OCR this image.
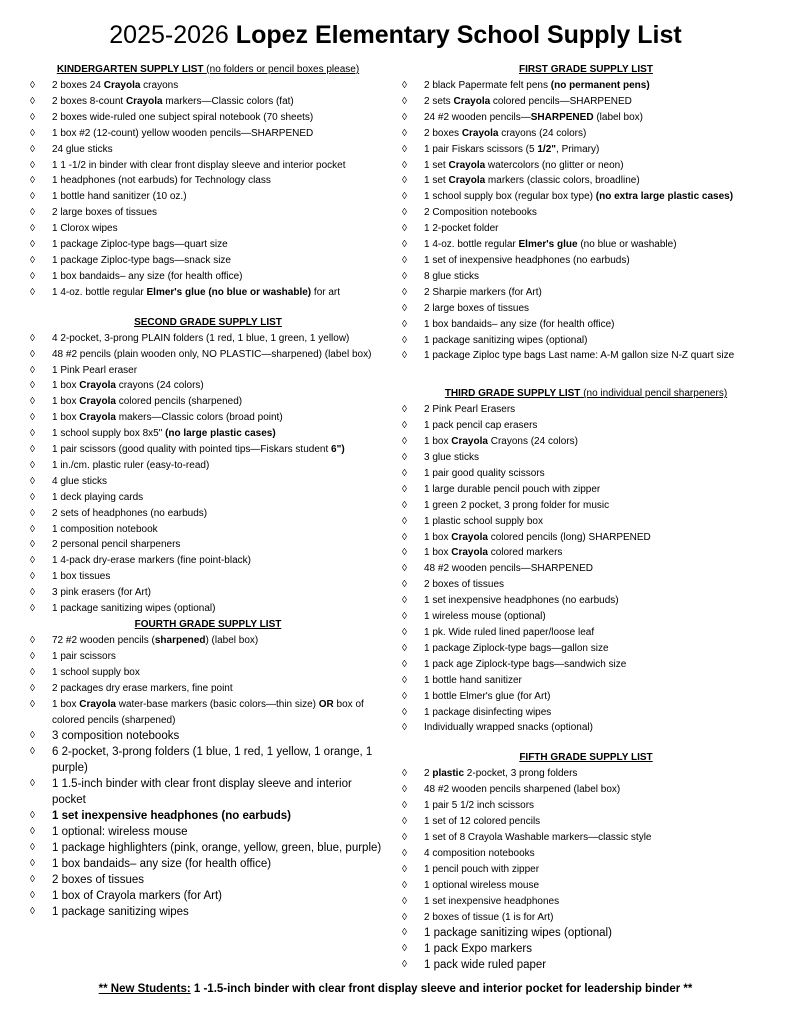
2025-2026 Lopez Elementary School Supply List
KINDERGARTEN SUPPLY LIST (no folders or pencil boxes please)
◊ 2 boxes 24 Crayola crayons
◊ 2 boxes 8-count Crayola markers—Classic colors (fat)
◊ 2 boxes wide-ruled one subject spiral notebook (70 sheets)
◊ 1 box #2 (12-count) yellow wooden pencils—SHARPENED
◊ 24 glue sticks
◊ 1 1 -1/2 in binder with clear front display sleeve and interior pocket
◊ 1 headphones (not earbuds) for Technology class
◊ 1 bottle hand sanitizer (10 oz.)
◊ 2 large boxes of tissues
◊ 1 Clorox wipes
◊ 1 package Ziploc-type bags—quart size
◊ 1 package Ziploc-type bags—snack size
◊ 1 box bandaids– any size (for health office)
◊ 1 4-oz. bottle regular Elmer's glue (no blue or washable) for art
SECOND GRADE SUPPLY LIST
◊ 4 2-pocket, 3-prong PLAIN folders (1 red, 1 blue, 1 green, 1 yellow)
◊ 48 #2 pencils (plain wooden only, NO PLASTIC—sharpened) (label box)
◊ 1 Pink Pearl eraser
◊ 1 box Crayola crayons (24 colors)
◊ 1 box Crayola colored pencils (sharpened)
◊ 1 box Crayola makers—Classic colors (broad point)
◊ 1 school supply box 8x5" (no large plastic cases)
◊ 1 pair scissors (good quality with pointed tips—Fiskars student 6")
◊ 1 in./cm. plastic ruler (easy-to-read)
◊ 4 glue sticks
◊ 1 deck playing cards
◊ 2 sets of headphones (no earbuds)
◊ 1 composition notebook
◊ 2 personal pencil sharpeners
◊ 1 4-pack dry-erase markers (fine point-black)
◊ 1 box tissues
◊ 3 pink erasers (for Art)
◊ 1 package sanitizing wipes (optional)
FOURTH GRADE SUPPLY LIST
◊ 72 #2 wooden pencils (sharpened) (label box)
◊ 1 pair scissors
◊ 1 school supply box
◊ 2 packages dry erase markers, fine point
◊ 1 box Crayola water-base markers (basic colors—thin size) OR box of colored pencils (sharpened)
◊ 3 composition notebooks
◊ 6 2-pocket, 3-prong folders (1 blue, 1 red, 1 yellow, 1 orange, 1 purple)
◊ 1 1.5-inch binder with clear front display sleeve and interior pocket
◊ 1 set inexpensive headphones (no earbuds)
◊ 1 optional: wireless mouse
◊ 1 package highlighters (pink, orange, yellow, green, blue, purple)
◊ 1 box bandaids– any size (for health office)
◊ 2 boxes of tissues
◊ 1 box of Crayola markers (for Art)
◊ 1 package sanitizing wipes
FIRST GRADE SUPPLY LIST
◊ 2 black Papermate felt pens (no permanent pens)
◊ 2 sets Crayola colored pencils—SHARPENED
◊ 24 #2 wooden pencils—SHARPENED (label box)
◊ 2 boxes Crayola crayons (24 colors)
◊ 1 pair Fiskars scissors (5 1/2", Primary)
◊ 1 set Crayola watercolors (no glitter or neon)
◊ 1 set Crayola markers (classic colors, broadline)
◊ 1 school supply box (regular box type) (no extra large plastic cases)
◊ 2 Composition notebooks
◊ 1 2-pocket folder
◊ 1 4-oz. bottle regular Elmer's glue (no blue or washable)
◊ 1 set of inexpensive headphones (no earbuds)
◊ 8 glue sticks
◊ 2 Sharpie markers (for Art)
◊ 2 large boxes of tissues
◊ 1 box bandaids– any size (for health office)
◊ 1 package sanitizing wipes (optional)
◊ 1 package Ziploc type bags Last name: A-M gallon size N-Z quart size
THIRD GRADE SUPPLY LIST (no individual pencil sharpeners)
◊ 2 Pink Pearl Erasers
◊ 1 pack pencil cap erasers
◊ 1 box Crayola Crayons (24 colors)
◊ 3 glue sticks
◊ 1 pair good quality scissors
◊ 1 large durable pencil pouch with zipper
◊ 1 green 2 pocket, 3 prong folder for music
◊ 1 plastic school supply box
◊ 1 box Crayola colored pencils (long) SHARPENED
◊ 1 box Crayola colored markers
◊ 48 #2 wooden pencils—SHARPENED
◊ 2 boxes of tissues
◊ 1 set inexpensive headphones (no earbuds)
◊ 1 wireless mouse (optional)
◊ 1 pk. Wide ruled lined paper/loose leaf
◊ 1 package Ziplock-type bags—gallon size
◊ 1 pack age Ziplock-type bags—sandwich size
◊ 1 bottle hand sanitizer
◊ 1 bottle Elmer's glue (for Art)
◊ 1 package disinfecting wipes
◊ Individually wrapped snacks (optional)
FIFTH GRADE SUPPLY LIST
◊ 2 plastic 2-pocket, 3 prong folders
◊ 48 #2 wooden pencils sharpened (label box)
◊ 1 pair 5 1/2 inch scissors
◊ 1 set of 12 colored pencils
◊ 1 set of 8 Crayola Washable markers—classic style
◊ 4 composition notebooks
◊ 1 pencil pouch with zipper
◊ 1 optional wireless mouse
◊ 1 set inexpensive headphones
◊ 2 boxes of tissue (1 is for Art)
◊ 1 package sanitizing wipes (optional)
◊ 1 pack Expo markers
◊ 1 pack wide ruled paper
** New Students: 1 -1.5-inch binder with clear front display sleeve and interior pocket for leadership binder **
